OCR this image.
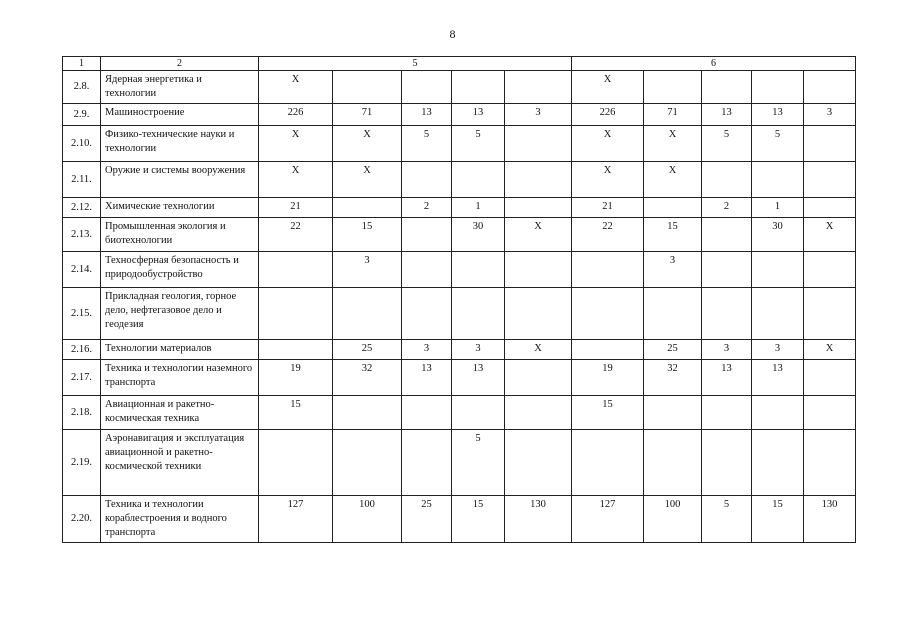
8
1	2	5					6				
2.8.	Ядерная энергетика и технологии	X					X				
2.9.	Машиностроение	226	71	13	13	3	226	71	13	13	3
2.10.	Физико-технические науки и технологии	X	X	5	5		X	X	5	5	
2.11.	Оружие и системы вооружения	X	X				X	X			
2.12.	Химические технологии	21		2	1		21		2	1	
2.13.	Промышленная экология и биотехнологии	22	15		30	X	22	15		30	X
2.14.	Техносферная безопасность и природообустройство		3					3			
2.15.	Прикладная геология, горное дело, нефтегазовое дело и геодезия										
2.16.	Технологии материалов		25	3	3	X		25	3	3	X
2.17.	Техника и технологии наземного транспорта	19	32	13	13		19	32	13	13	
2.18.	Авиационная и ракетно-космическая техника	15					15				
2.19.	Аэронавигация и эксплуатация авиационной и ракетно-космической техники				5						
2.20.	Техника и технологии кораблестроения и водного транспорта	127	100	25	15	130	127	100	5	15	130
